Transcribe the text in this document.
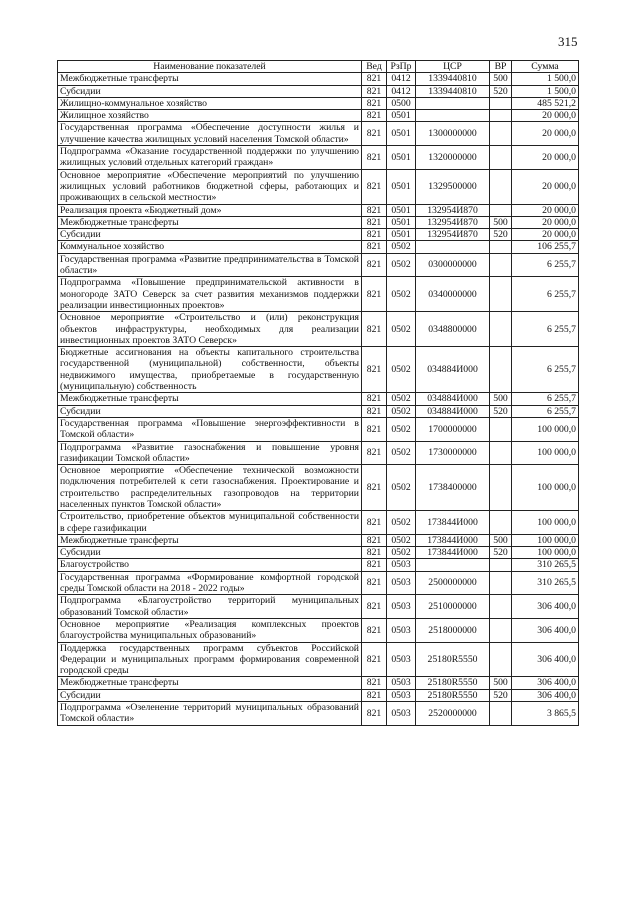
315
Наименование показателей	Вед	РзПр	ЦСР	ВР	Сумма
Межбюджетные трансферты	821	0412	1339440810	500	1 500,0
Субсидии	821	0412	1339440810	520	1 500,0
Жилищно-коммунальное хозяйство	821	0500			485 521,2
Жилищное хозяйство	821	0501			20 000,0
Государственная программа «Обеспечение доступности жилья и улучшение качества жилищных условий населения Томской области»	821	0501	1300000000		20 000,0
Подпрограмма «Оказание государственной поддержки по улучшению жилищных условий отдельных категорий граждан»	821	0501	1320000000		20 000,0
Основное мероприятие «Обеспечение мероприятий по улучшению жилищных условий работников бюджетной сферы, работающих и проживающих в сельской местности»	821	0501	1329500000		20 000,0
Реализация проекта «Бюджетный дом»	821	0501	132954И870		20 000,0
Межбюджетные трансферты	821	0501	132954И870	500	20 000,0
Субсидии	821	0501	132954И870	520	20 000,0
Коммунальное хозяйство	821	0502			106 255,7
Государственная программа «Развитие предпринимательства в Томской области»	821	0502	0300000000		6 255,7
Подпрограмма «Повышение предпринимательской активности в моногороде ЗАТО Северск за счет развития механизмов поддержки реализации инвестиционных проектов»	821	0502	0340000000		6 255,7
Основное мероприятие «Строительство и (или) реконструкция объектов инфраструктуры, необходимых для реализации инвестиционных проектов ЗАТО Северск»	821	0502	0348800000		6 255,7
Бюджетные ассигнования на объекты капитального строительства государственной (муниципальной) собственности, объекты недвижимого имущества, приобретаемые в государственную (муниципальную) собственность	821	0502	034884И000		6 255,7
Межбюджетные трансферты	821	0502	034884И000	500	6 255,7
Субсидии	821	0502	034884И000	520	6 255,7
Государственная программа «Повышение энергоэффективности в Томской области»	821	0502	1700000000		100 000,0
Подпрограмма «Развитие газоснабжения и повышение уровня газификации Томской области»	821	0502	1730000000		100 000,0
Основное мероприятие «Обеспечение технической возможности подключения потребителей к сети газоснабжения. Проектирование и строительство распределительных газопроводов на территории населенных пунктов Томской области»	821	0502	1738400000		100 000,0
Строительство, приобретение объектов муниципальной собственности в сфере газификации	821	0502	173844И000		100 000,0
Межбюджетные трансферты	821	0502	173844И000	500	100 000,0
Субсидии	821	0502	173844И000	520	100 000,0
Благоустройство	821	0503			310 265,5
Государственная программа «Формирование комфортной городской среды Томской области на 2018 - 2022 годы»	821	0503	2500000000		310 265,5
Подпрограмма «Благоустройство территорий муниципальных образований Томской области»	821	0503	2510000000		306 400,0
Основное мероприятие «Реализация комплексных проектов благоустройства муниципальных образований»	821	0503	2518000000		306 400,0
Поддержка государственных программ субъектов Российской Федерации и муниципальных программ формирования современной городской среды	821	0503	25180R5550		306 400,0
Межбюджетные трансферты	821	0503	25180R5550	500	306 400,0
Субсидии	821	0503	25180R5550	520	306 400,0
Подпрограмма «Озеленение территорий муниципальных образований Томской области»	821	0503	2520000000		3 865,5
